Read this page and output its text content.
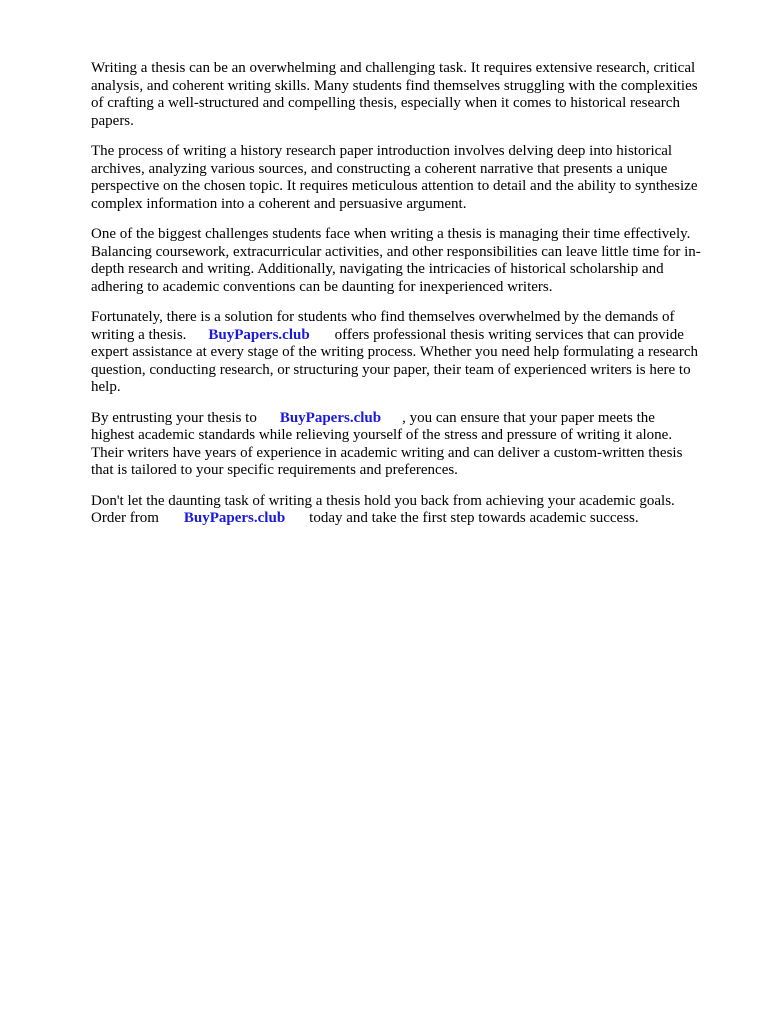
Writing a thesis can be an overwhelming and challenging task. It requires extensive research, critical
analysis, and coherent writing skills. Many students find themselves struggling with the complexities
of crafting a well-structured and compelling thesis, especially when it comes to historical research
papers.

The process of writing a history research paper introduction involves delving deep into historical
archives, analyzing various sources, and constructing a coherent narrative that presents a unique
perspective on the chosen topic. It requires meticulous attention to detail and the ability to synthesize
complex information into a coherent and persuasive argument.

One of the biggest challenges students face when writing a thesis is managing their time effectively.
Balancing coursework, extracurricular activities, and other responsibilities can leave little time for in-
depth research and writing. Additionally, navigating the intricacies of historical scholarship and
adhering to academic conventions can be daunting for inexperienced writers.

Fortunately, there is a solution for students who find themselves overwhelmed by the demands of
writing a thesis. BuyPapers.club offers professional thesis writing services that can provide
expert assistance at every stage of the writing process. Whether you need help formulating a research
question, conducting research, or structuring your paper, their team of experienced writers is here to
help.

By entrusting your thesis to BuyPapers.club , you can ensure that your paper meets the
highest academic standards while relieving yourself of the stress and pressure of writing it alone.
Their writers have years of experience in academic writing and can deliver a custom-written thesis
that is tailored to your specific requirements and preferences.

Don't let the daunting task of writing a thesis hold you back from achieving your academic goals.
Order from BuyPapers.club today and take the first step towards academic success.
